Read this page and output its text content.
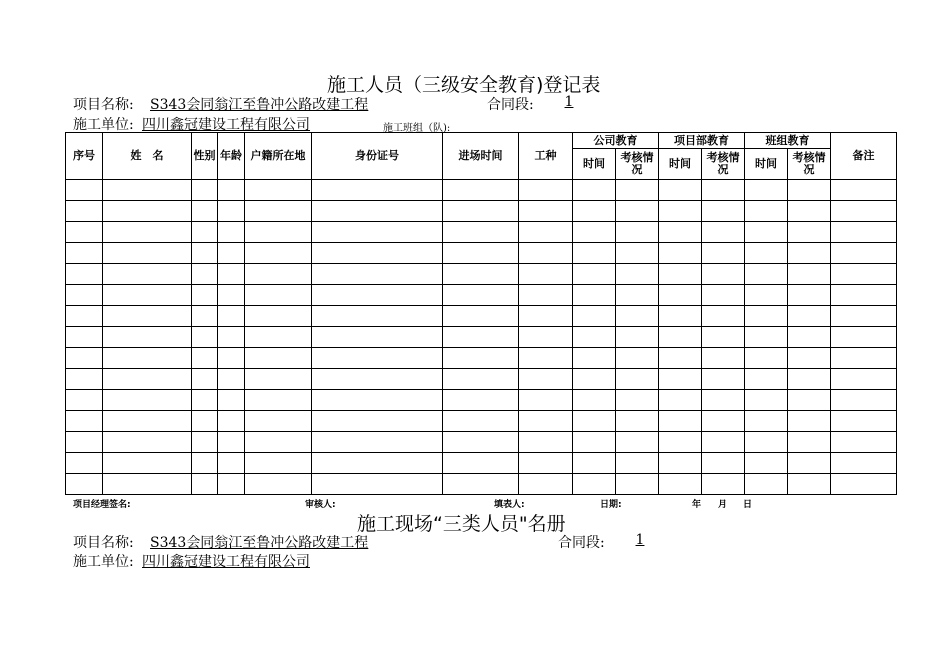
施工人员（三级安全教育)登记表
项目名称: S343会同翁江至鲁冲公路改建工程	合同段:	1
施工单位: 四川鑫冠建设工程有限公司	施工班组（队):
序号	姓　名	性别	年龄	户籍所在地	身份证号	进场时间	工种	公司教育		项目部教育		班组教育		备注
								时间	考核情况	时间	考核情况	时间	考核情况	

项目经理签名:	审核人:	填表人:	日期:	年 月 日
施工现场“三类人员"名册
项目名称: S343会同翁江至鲁冲公路改建工程	合同段:	1
施工单位: 四川鑫冠建设工程有限公司
